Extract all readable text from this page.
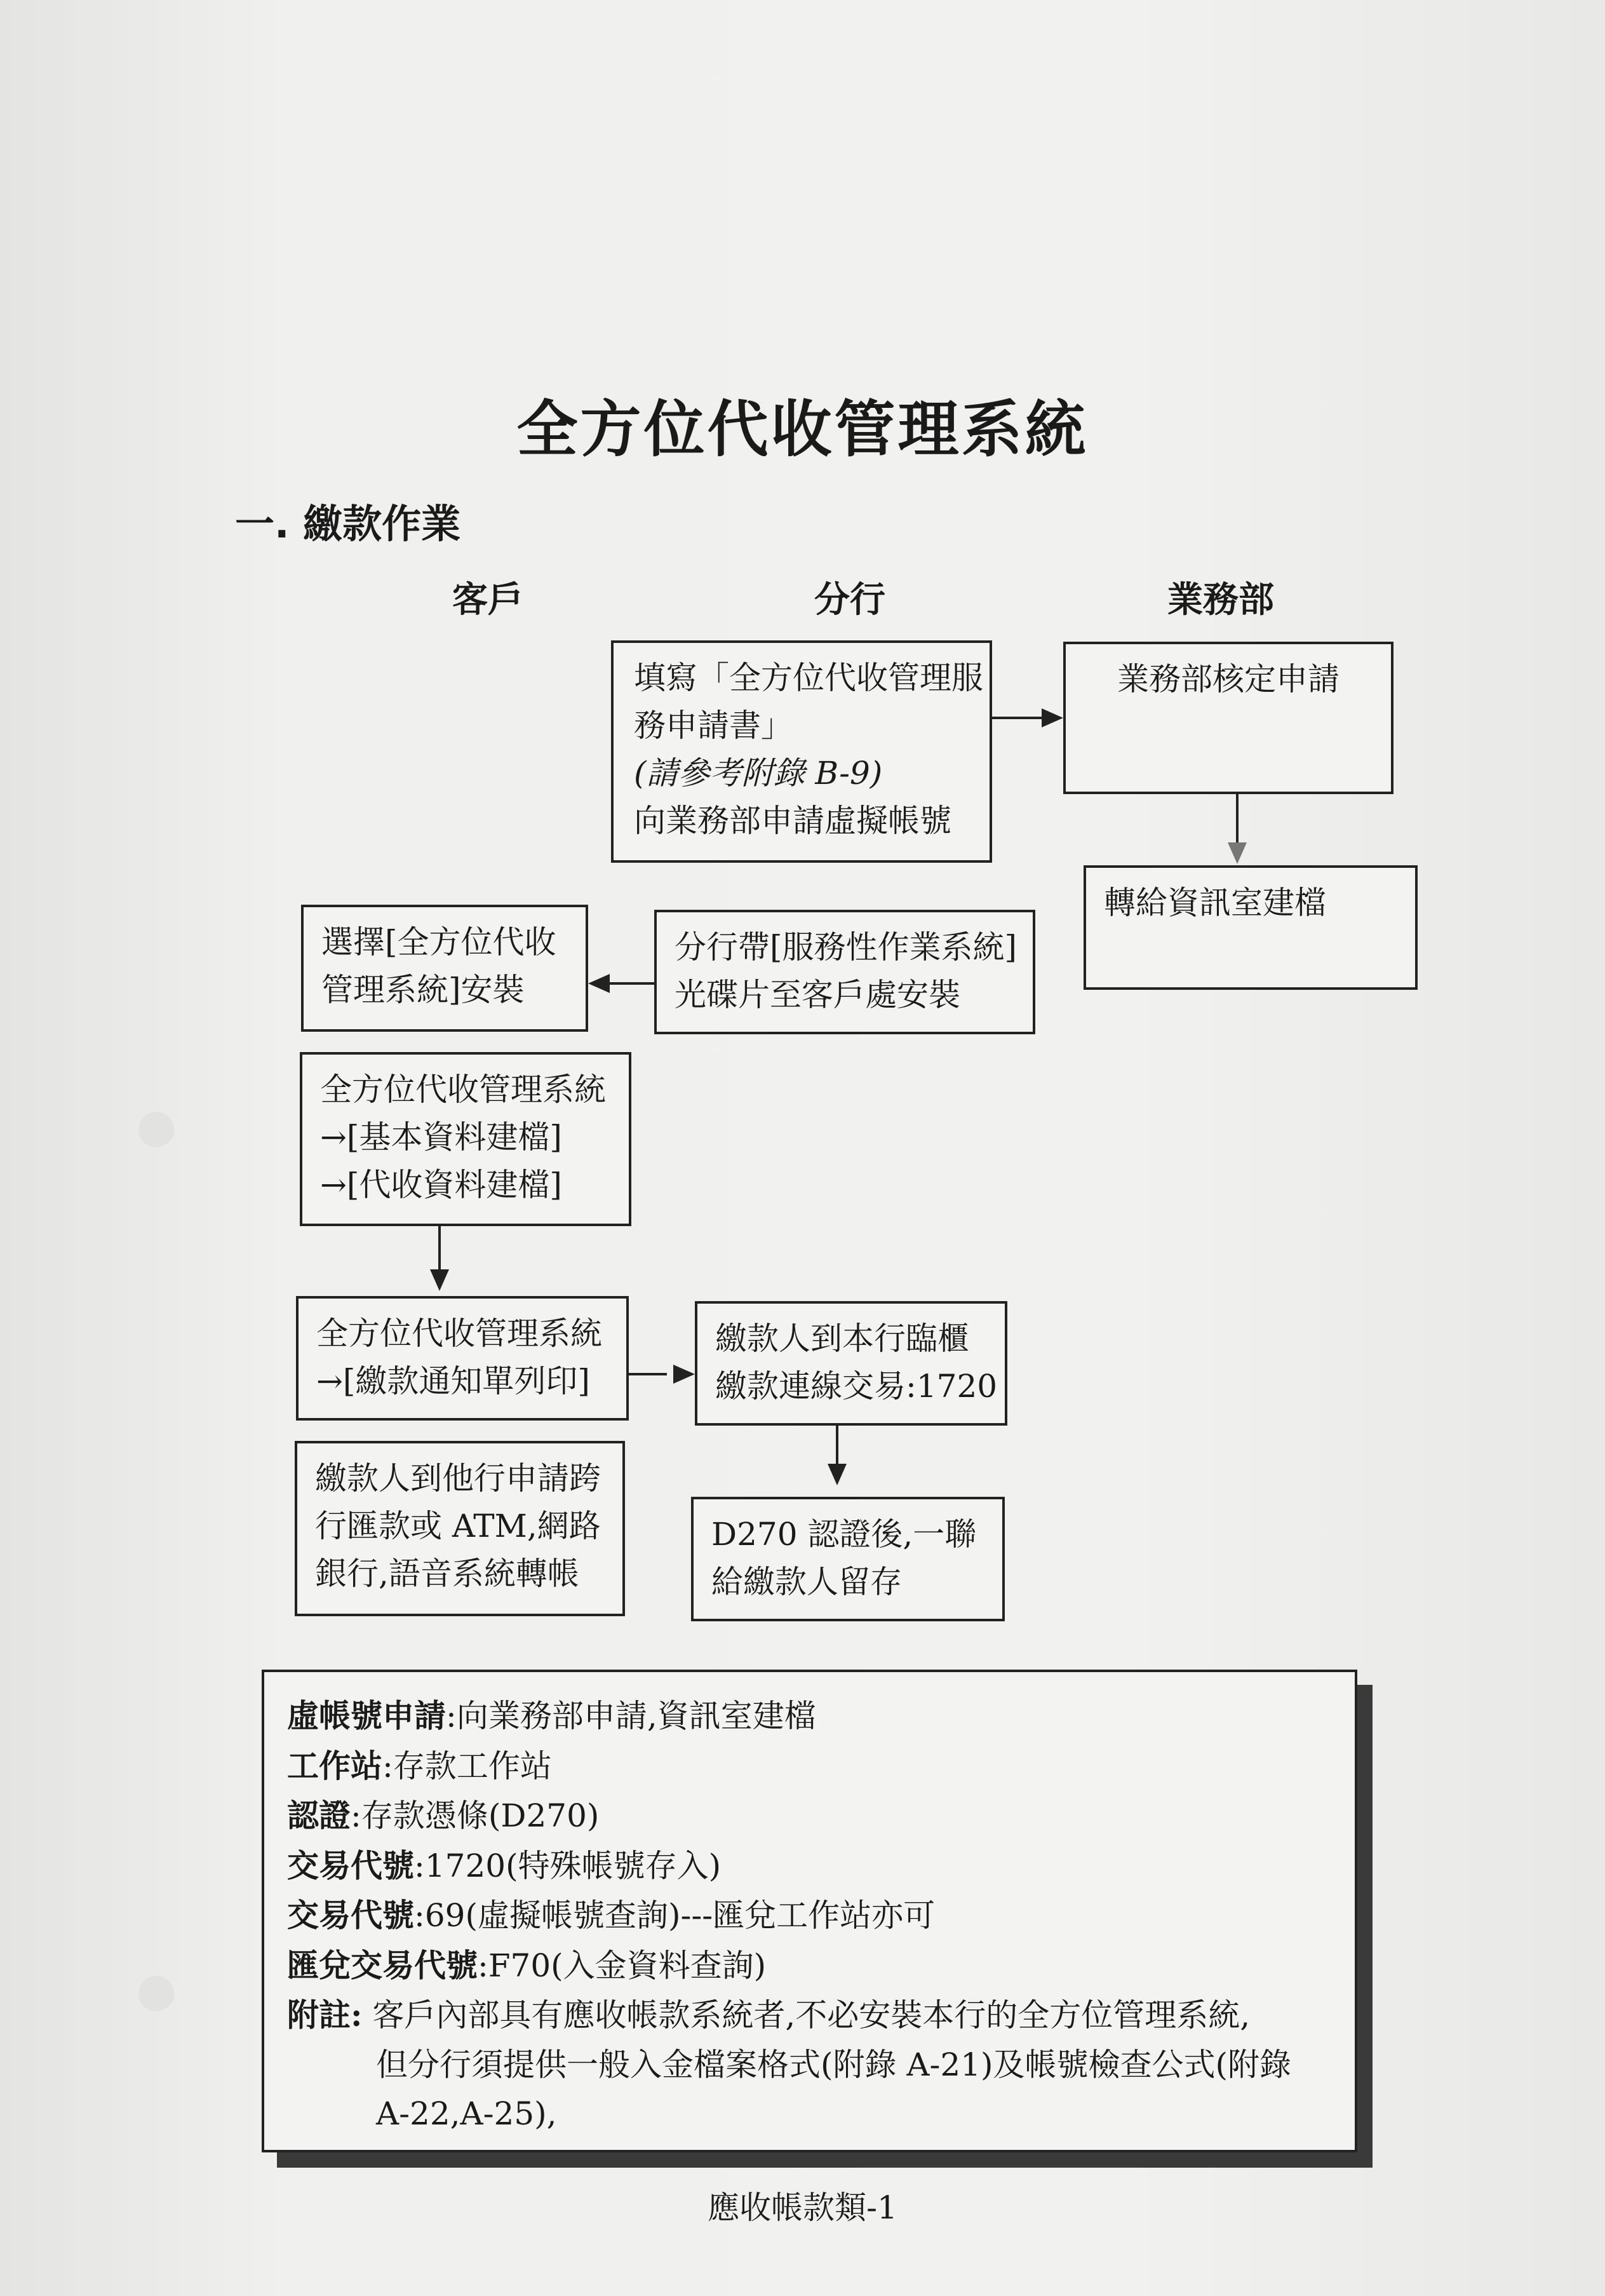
全方位代收管理系統
一. 繳款作業
客戶	分行	業務部
填寫「全方位代收管理服
務申請書」
(請參考附錄 B-9)
向業務部申請虛擬帳號
業務部核定申請
轉給資訊室建檔
分行帶[服務性作業系統]
光碟片至客戶處安裝
選擇[全方位代收
管理系統]安裝
全方位代收管理系統
→[基本資料建檔]
→[代收資料建檔]
全方位代收管理系統
→[繳款通知單列印]
繳款人到本行臨櫃
繳款連線交易:1720
繳款人到他行申請跨
行匯款或 ATM,網路
銀行,語音系統轉帳
D270 認證後,一聯
給繳款人留存
虛帳號申請:向業務部申請,資訊室建檔
工作站:存款工作站
認證:存款憑條(D270)
交易代號:1720(特殊帳號存入)
交易代號:69(虛擬帳號查詢)---匯兌工作站亦可
匯兌交易代號:F70(入金資料查詢)
附註: 客戶內部具有應收帳款系統者,不必安裝本行的全方位管理系統,
但分行須提供一般入金檔案格式(附錄 A-21)及帳號檢查公式(附錄
A-22,A-25),
應收帳款類-1
